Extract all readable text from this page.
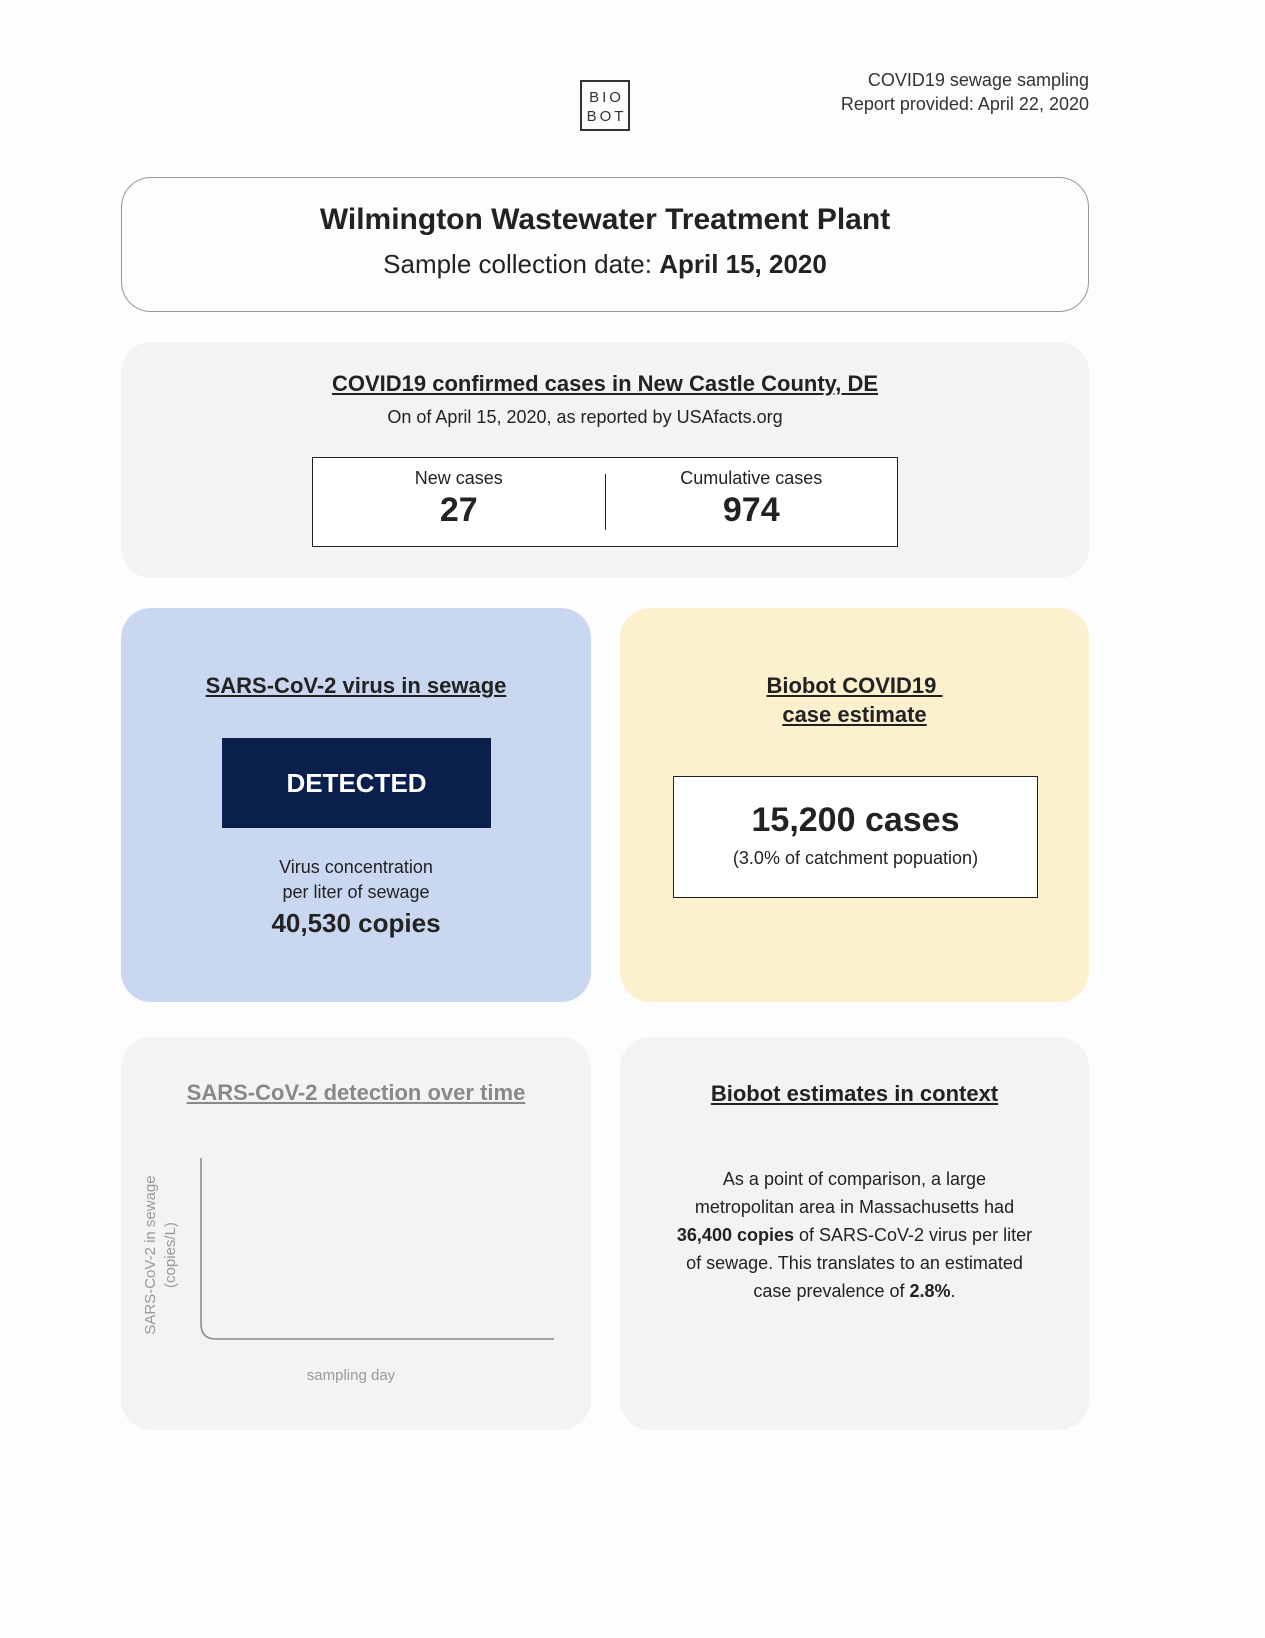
BIO
BOT
COVID19 sewage sampling
Report provided: April 22, 2020
Wilmington Wastewater Treatment Plant
Sample collection date: April 15, 2020
COVID19 confirmed cases in New Castle County, DE
On of April 15, 2020, as reported by USAfacts.org
New cases
27
Cumulative cases
974
SARS-CoV-2 virus in sewage
DETECTED
Virus concentration
per liter of sewage
40,530 copies
Biobot COVID19
case estimate
15,200 cases
(3.0% of catchment popuation)
SARS-CoV-2 detection over time
SARS-CoV-2 in sewage (copies/L)
sampling day
Biobot estimates in context
As a point of comparison, a large metropolitan area in Massachusetts had 36,400 copies of SARS-CoV-2 virus per liter of sewage. This translates to an estimated case prevalence of 2.8%.
